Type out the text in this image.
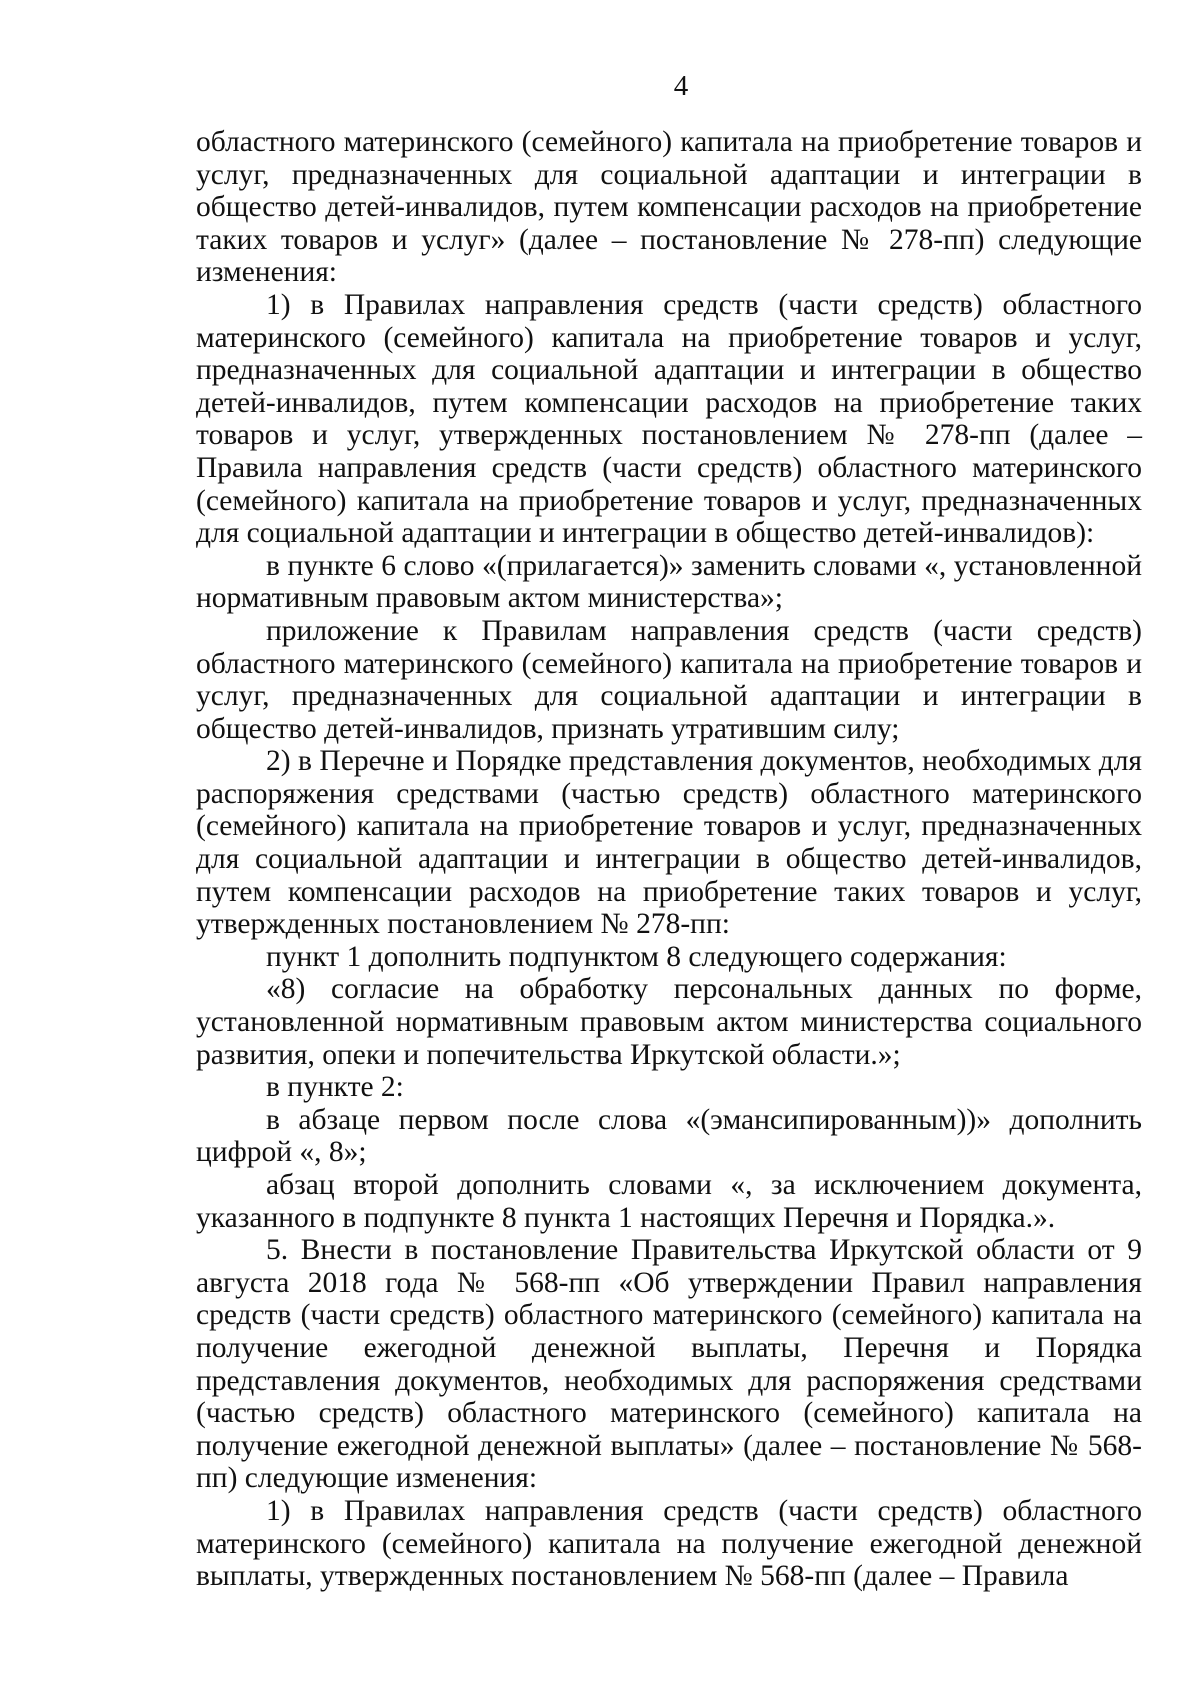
4

областного материнского (семейного) капитала на приобретение товаров и услуг, предназначенных для социальной адаптации и интеграции в общество детей-инвалидов, путем компенсации расходов на приобретение таких товаров и услуг» (далее – постановление № 278-пп) следующие изменения:

1) в Правилах направления средств (части средств) областного материнского (семейного) капитала на приобретение товаров и услуг, предназначенных для социальной адаптации и интеграции в общество детей-инвалидов, путем компенсации расходов на приобретение таких товаров и услуг, утвержденных постановлением № 278-пп (далее – Правила направления средств (части средств) областного материнского (семейного) капитала на приобретение товаров и услуг, предназначенных для социальной адаптации и интеграции в общество детей-инвалидов):

в пункте 6 слово «(прилагается)» заменить словами «, установленной нормативным правовым актом министерства»;

приложение к Правилам направления средств (части средств) областного материнского (семейного) капитала на приобретение товаров и услуг, предназначенных для социальной адаптации и интеграции в общество детей-инвалидов, признать утратившим силу;

2) в Перечне и Порядке представления документов, необходимых для распоряжения средствами (частью средств) областного материнского (семейного) капитала на приобретение товаров и услуг, предназначенных для социальной адаптации и интеграции в общество детей-инвалидов, путем компенсации расходов на приобретение таких товаров и услуг, утвержденных постановлением № 278-пп:

пункт 1 дополнить подпунктом 8 следующего содержания:

«8) согласие на обработку персональных данных по форме, установленной нормативным правовым актом министерства социального развития, опеки и попечительства Иркутской области.»;

в пункте 2:

в абзаце первом после слова «(эмансипированным))» дополнить цифрой «, 8»;

абзац второй дополнить словами «, за исключением документа, указанного в подпункте 8 пункта 1 настоящих Перечня и Порядка.».

5. Внести в постановление Правительства Иркутской области от 9 августа 2018 года № 568-пп «Об утверждении Правил направления средств (части средств) областного материнского (семейного) капитала на получение ежегодной денежной выплаты, Перечня и Порядка представления документов, необходимых для распоряжения средствами (частью средств) областного материнского (семейного) капитала на получение ежегодной денежной выплаты» (далее – постановление № 568-пп) следующие изменения:

1) в Правилах направления средств (части средств) областного материнского (семейного) капитала на получение ежегодной денежной выплаты, утвержденных постановлением № 568-пп (далее – Правила
